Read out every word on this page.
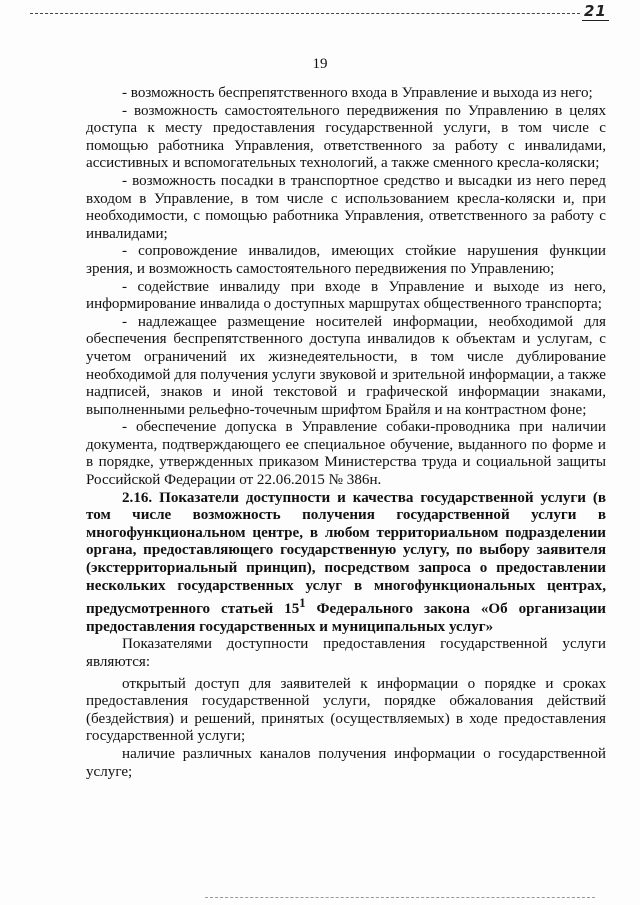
21
19

- возможность беспрепятственного входа в Управление и выхода из него;

- возможность самостоятельного передвижения по Управлению в целях доступа к месту предоставления государственной услуги, в том числе с помощью работника Управления, ответственного за работу с инвалидами, ассистивных и вспомогательных технологий, а также сменного кресла-коляски;

- возможность посадки в транспортное средство и высадки из него перед входом в Управление, в том числе с использованием кресла-коляски и, при необходимости, с помощью работника Управления, ответственного за работу с инвалидами;

- сопровождение инвалидов, имеющих стойкие нарушения функции зрения, и возможность самостоятельного передвижения по Управлению;

- содействие инвалиду при входе в Управление и выходе из него, информирование инвалида о доступных маршрутах общественного транспорта;

- надлежащее размещение носителей информации, необходимой для обеспечения беспрепятственного доступа инвалидов к объектам и услугам, с учетом ограничений их жизнедеятельности, в том числе дублирование необходимой для получения услуги звуковой и зрительной информации, а также надписей, знаков и иной текстовой и графической информации знаками, выполненными рельефно-точечным шрифтом Брайля и на контрастном фоне;

- обеспечение допуска в Управление собаки-проводника при наличии документа, подтверждающего ее специальное обучение, выданного по форме и в порядке, утвержденных приказом Министерства труда и социальной защиты Российской Федерации от 22.06.2015 № 386н.

2.16. Показатели доступности и качества государственной услуги (в том числе возможность получения государственной услуги в многофункциональном центре, в любом территориальном подразделении органа, предоставляющего государственную услугу, по выбору заявителя (экстерриториальный принцип), посредством запроса о предоставлении нескольких государственных услуг в многофункциональных центрах, предусмотренного статьей $15^1$ Федерального закона «Об организации предоставления государственных и муниципальных услуг»

Показателями доступности предоставления государственной услуги являются:

открытый доступ для заявителей к информации о порядке и сроках предоставления государственной услуги, порядке обжалования действий (бездействия) и решений, принятых (осуществляемых) в ходе предоставления государственной услуги;

наличие различных каналов получения информации о государственной услуге;
